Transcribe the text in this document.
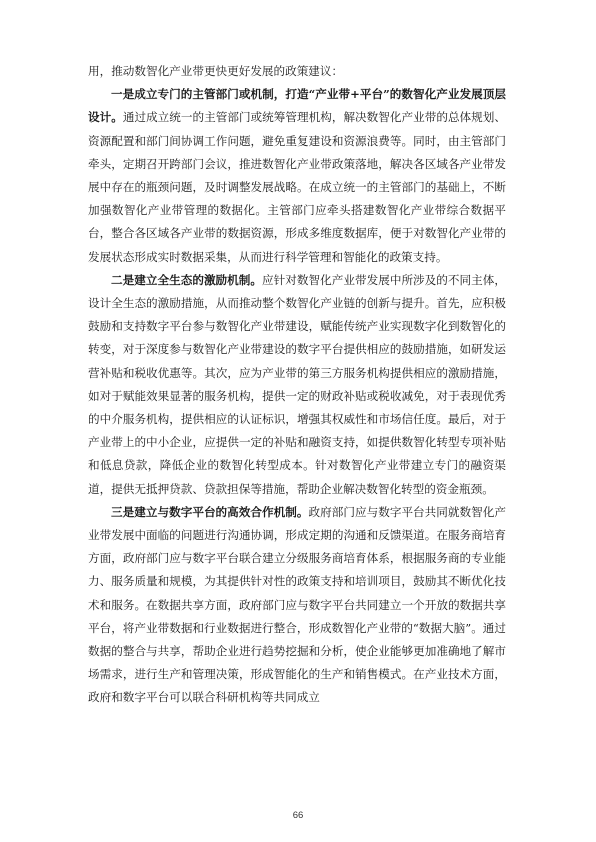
用，推动数智化产业带更快更好发展的政策建议：

一是成立专门的主管部门或机制，打造“产业带+平台”的数智化产业发展顶层设计。通过成立统一的主管部门或统筹管理机构，解决数智化产业带的总体规划、资源配置和部门间协调工作问题，避免重复建设和资源浪费等。同时，由主管部门牵头，定期召开跨部门会议，推进数智化产业带政策落地，解决各区域各产业带发展中存在的瓶颈问题，及时调整发展战略。在成立统一的主管部门的基础上，不断加强数智化产业带管理的数据化。主管部门应牵头搭建数智化产业带综合数据平台，整合各区域各产业带的数据资源，形成多维度数据库，便于对数智化产业带的发展状态形成实时数据采集，从而进行科学管理和智能化的政策支持。

二是建立全生态的激励机制。应针对数智化产业带发展中所涉及的不同主体，设计全生态的激励措施，从而推动整个数智化产业链的创新与提升。首先，应积极鼓励和支持数字平台参与数智化产业带建设，赋能传统产业实现数字化到数智化的转变，对于深度参与数智化产业带建设的数字平台提供相应的鼓励措施，如研发运营补贴和税收优惠等。其次，应为产业带的第三方服务机构提供相应的激励措施，如对于赋能效果显著的服务机构，提供一定的财政补贴或税收减免，对于表现优秀的中介服务机构，提供相应的认证标识，增强其权威性和市场信任度。最后，对于产业带上的中小企业，应提供一定的补贴和融资支持，如提供数智化转型专项补贴和低息贷款，降低企业的数智化转型成本。针对数智化产业带建立专门的融资渠道，提供无抵押贷款、贷款担保等措施，帮助企业解决数智化转型的资金瓶颈。

三是建立与数字平台的高效合作机制。政府部门应与数字平台共同就数智化产业带发展中面临的问题进行沟通协调，形成定期的沟通和反馈渠道。在服务商培育方面，政府部门应与数字平台联合建立分级服务商培育体系，根据服务商的专业能力、服务质量和规模，为其提供针对性的政策支持和培训项目，鼓励其不断优化技术和服务。在数据共享方面，政府部门应与数字平台共同建立一个开放的数据共享平台，将产业带数据和行业数据进行整合，形成数智化产业带的“数据大脑”。通过数据的整合与共享，帮助企业进行趋势挖掘和分析，使企业能够更加准确地了解市场需求，进行生产和管理决策，形成智能化的生产和销售模式。在产业技术方面，政府和数字平台可以联合科研机构等共同成立

66
